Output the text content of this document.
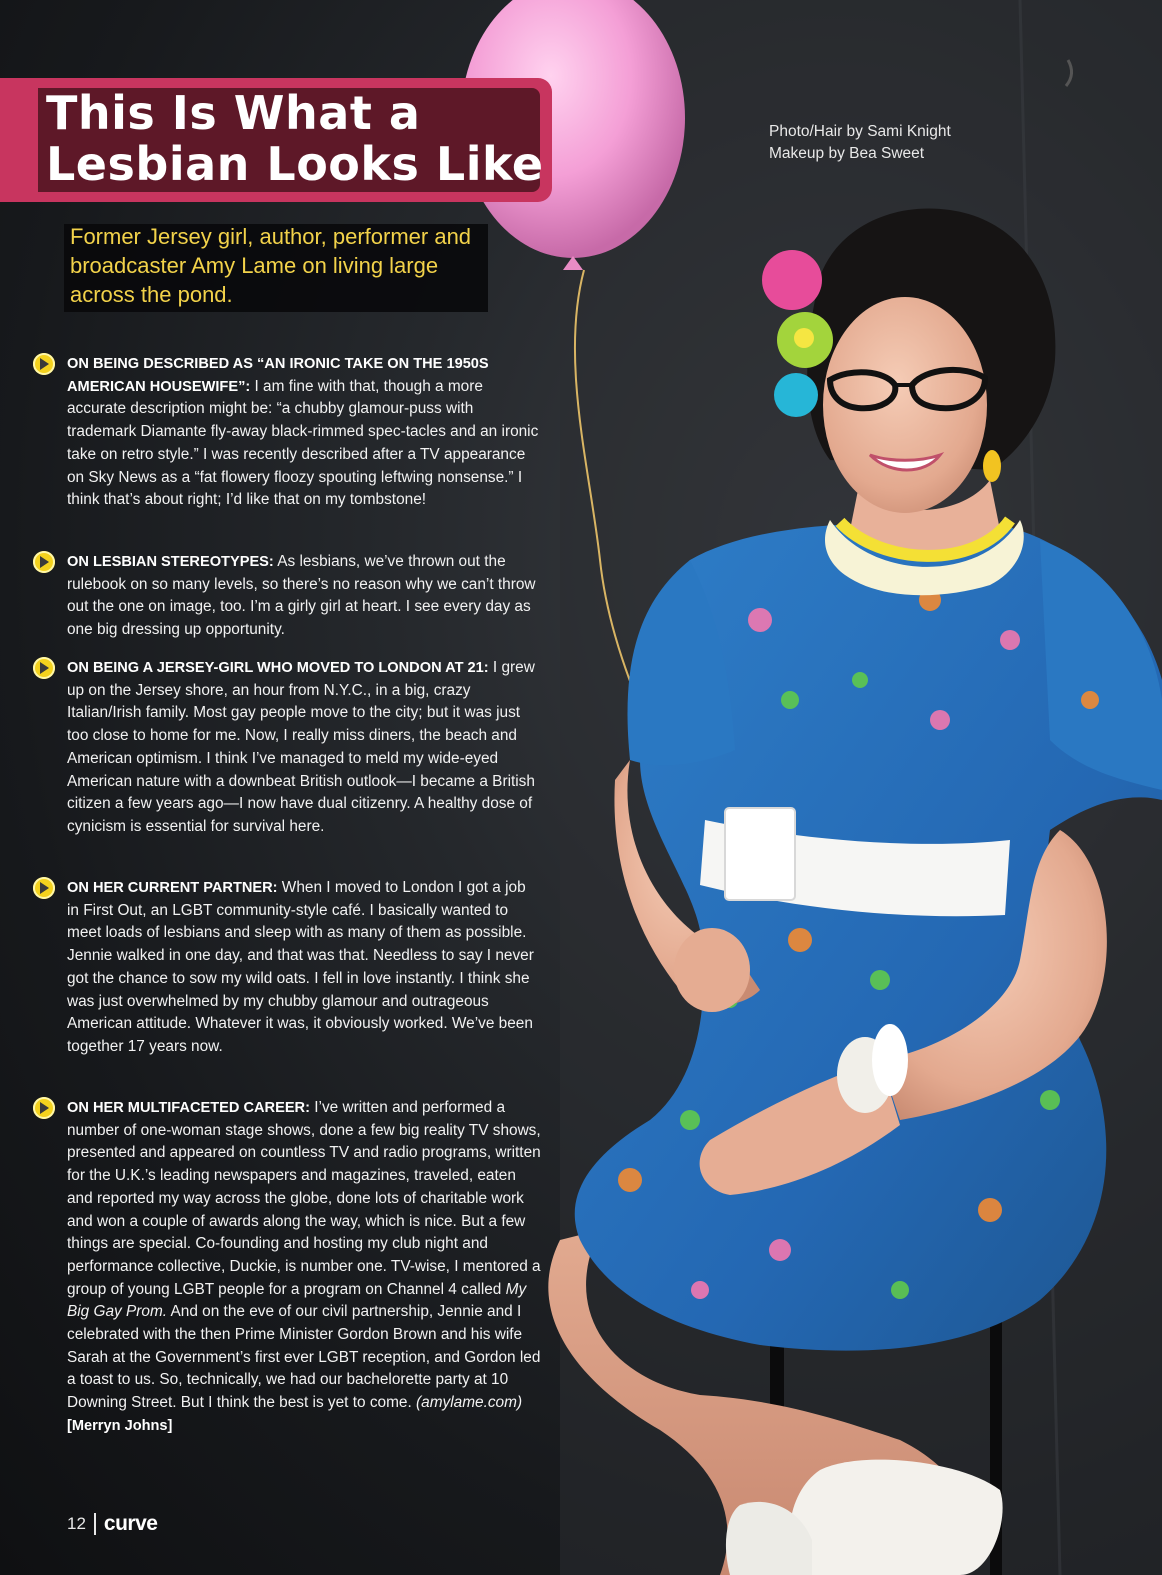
This Is What a
Lesbian Looks Like

Former Jersey girl, author, performer and broadcaster Amy Lame on living large across the pond.

Photo/Hair by Sami Knight
Makeup by Bea Sweet

ON BEING DESCRIBED AS “AN IRONIC TAKE ON THE 1950S AMERICAN HOUSEWIFE”: I am fine with that, though a more accurate description might be: “a chubby glamour-puss with trademark Diamante fly-away black-rimmed spec-tacles and an ironic take on retro style.” I was recently described after a TV appearance on Sky News as a “fat flowery floozy spouting leftwing nonsense.” I think that’s about right; I’d like that on my tombstone!

ON LESBIAN STEREOTYPES: As lesbians, we’ve thrown out the rulebook on so many levels, so there’s no reason why we can’t throw out the one on image, too. I’m a girly girl at heart. I see every day as one big dressing up opportunity.

ON BEING A JERSEY-GIRL WHO MOVED TO LONDON AT 21: I grew up on the Jersey shore, an hour from N.Y.C., in a big, crazy Italian/Irish family. Most gay people move to the city; but it was just too close to home for me. Now, I really miss diners, the beach and American optimism. I think I’ve managed to meld my wide-eyed American nature with a downbeat British outlook—I became a British citizen a few years ago—I now have dual citizenry. A healthy dose of cynicism is essential for survival here.

ON HER CURRENT PARTNER: When I moved to London I got a job in First Out, an LGBT community-style café. I basically wanted to meet loads of lesbians and sleep with as many of them as possible. Jennie walked in one day, and that was that. Needless to say I never got the chance to sow my wild oats. I fell in love instantly. I think she was just overwhelmed by my chubby glamour and outrageous American attitude. Whatever it was, it obviously worked. We’ve been together 17 years now.

ON HER MULTIFACETED CAREER: I’ve written and performed a number of one-woman stage shows, done a few big reality TV shows, presented and appeared on countless TV and radio programs, written for the U.K.’s leading newspapers and magazines, traveled, eaten and reported my way across the globe, done lots of charitable work and won a couple of awards along the way, which is nice. But a few things are special. Co-founding and hosting my club night and performance collective, Duckie, is number one. TV-wise, I mentored a group of young LGBT people for a program on Channel 4 called My Big Gay Prom. And on the eve of our civil partnership, Jennie and I celebrated with the then Prime Minister Gordon Brown and his wife Sarah at the Government’s first ever LGBT reception, and Gordon led a toast to us. So, technically, we had our bachelorette party at 10 Downing Street. But I think the best is yet to come. (amylame.com) [Merryn Johns]

12 curve
